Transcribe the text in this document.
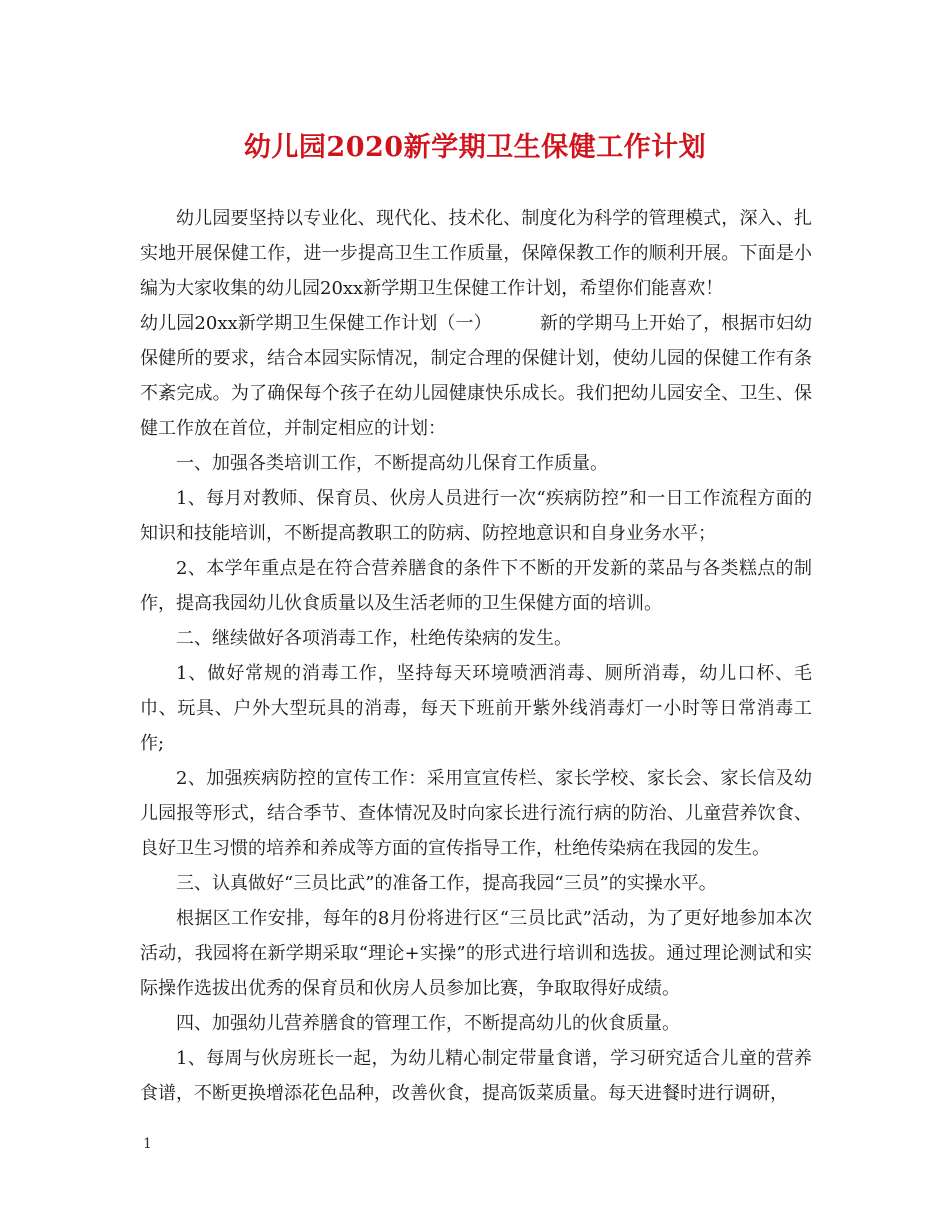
幼儿园2020新学期卫生保健工作计划

幼儿园要坚持以专业化、现代化、技术化、制度化为科学的管理模式，深入、扎实地开展保健工作，进一步提高卫生工作质量，保障保教工作的顺利开展。下面是小编为大家收集的幼儿园20xx新学期卫生保健工作计划，希望你们能喜欢！

幼儿园20xx新学期卫生保健工作计划（一）	新的学期马上开始了，根据市妇幼保健所的要求，结合本园实际情况，制定合理的保健计划，使幼儿园的保健工作有条不紊完成。为了确保每个孩子在幼儿园健康快乐成长。我们把幼儿园安全、卫生、保健工作放在首位，并制定相应的计划：

一、加强各类培训工作，不断提高幼儿保育工作质量。

1、每月对教师、保育员、伙房人员进行一次“疾病防控”和一日工作流程方面的知识和技能培训，不断提高教职工的防病、防控地意识和自身业务水平；

2、本学年重点是在符合营养膳食的条件下不断的开发新的菜品与各类糕点的制作，提高我园幼儿伙食质量以及生活老师的卫生保健方面的培训。

二、继续做好各项消毒工作，杜绝传染病的发生。

1、做好常规的消毒工作，坚持每天环境喷洒消毒、厕所消毒，幼儿口杯、毛巾、玩具、户外大型玩具的消毒，每天下班前开紫外线消毒灯一小时等日常消毒工作;

2、加强疾病防控的宣传工作：采用宣宣传栏、家长学校、家长会、家长信及幼儿园报等形式，结合季节、查体情况及时向家长进行流行病的防治、儿童营养饮食、良好卫生习惯的培养和养成等方面的宣传指导工作，杜绝传染病在我园的发生。

三、认真做好“三员比武”的准备工作，提高我园“三员”的实操水平。

根据区工作安排，每年的8月份将进行区“三员比武”活动，为了更好地参加本次活动，我园将在新学期采取“理论+实操”的形式进行培训和选拔。通过理论测试和实际操作选拔出优秀的保育员和伙房人员参加比赛，争取取得好成绩。

四、加强幼儿营养膳食的管理工作，不断提高幼儿的伙食质量。

1、每周与伙房班长一起，为幼儿精心制定带量食谱，学习研究适合儿童的营养食谱，不断更换增添花色品种，改善伙食，提高饭菜质量。每天进餐时进行调研，

1
